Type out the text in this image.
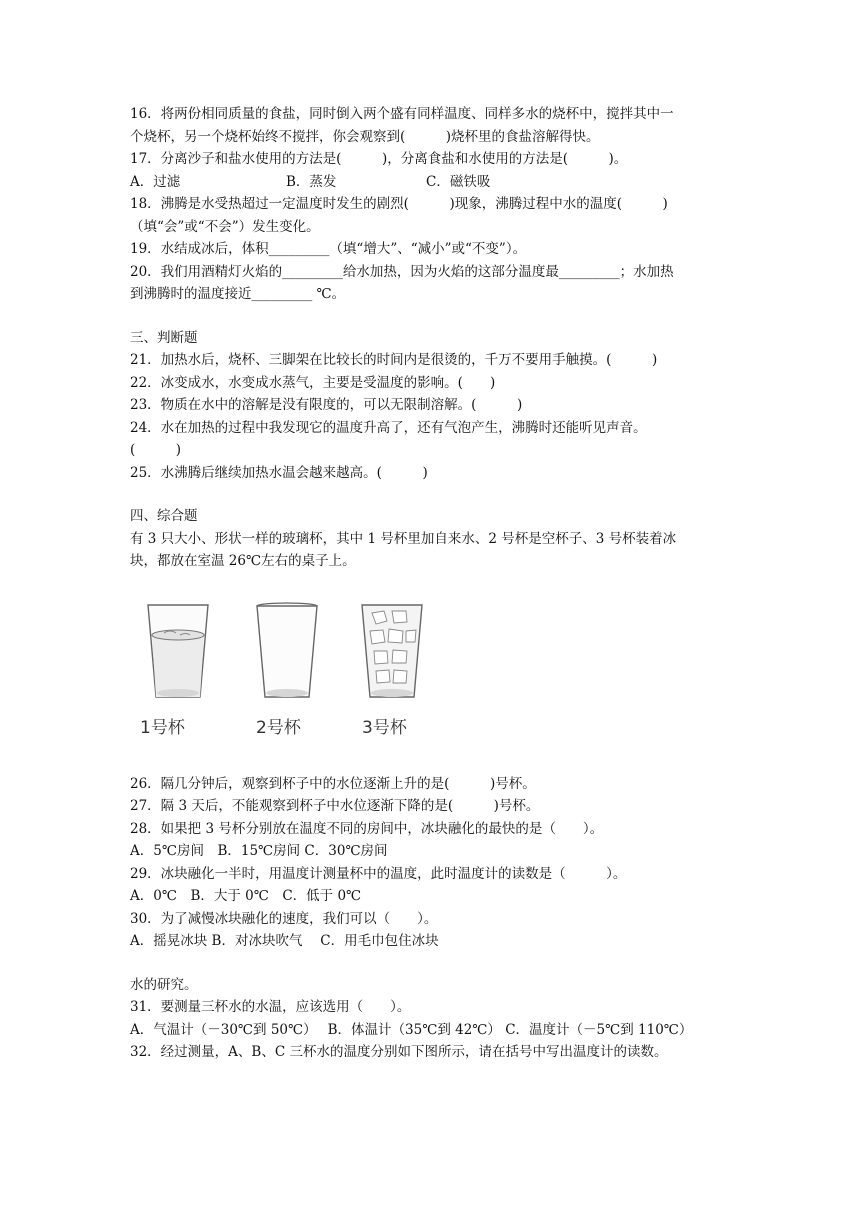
16．将两份相同质量的食盐，同时倒入两个盛有同样温度、同样多水的烧杯中，搅拌其中一
个烧杯，另一个烧杯始终不搅拌，你会观察到(　　　)烧杯里的食盐溶解得快。
17．分离沙子和盐水使用的方法是(　　　)，分离食盐和水使用的方法是(　　　)。
A．过滤	B．蒸发	C．磁铁吸
18．沸腾是水受热超过一定温度时发生的剧烈(　　　)现象，沸腾过程中水的温度(　　　)
（填“会”或“不会”）发生变化。
19．水结成冰后，体积_________（填“增大”、“减小”或“不变”）。
20．我们用酒精灯火焰的_________给水加热，因为火焰的这部分温度最_________；水加热
到沸腾时的温度接近_________ ℃。
三、判断题
21．加热水后，烧杯、三脚架在比较长的时间内是很烫的，千万不要用手触摸。(　　　)
22．冰变成水，水变成水蒸气，主要是受温度的影响。(　　)
23．物质在水中的溶解是没有限度的，可以无限制溶解。(　　　)
24．水在加热的过程中我发现它的温度升高了，还有气泡产生，沸腾时还能听见声音。
(　　　)
25．水沸腾后继续加热水温会越来越高。(　　　)
四、综合题
有 3 只大小、形状一样的玻璃杯，其中 1 号杯里加自来水、2 号杯是空杯子、3 号杯装着冰
块，都放在室温 26℃左右的桌子上。
1号杯	2号杯	3号杯
26．隔几分钟后，观察到杯子中的水位逐渐上升的是(　　　)号杯。
27．隔 3 天后，不能观察到杯子中水位逐渐下降的是(　　　)号杯。
28．如果把 3 号杯分别放在温度不同的房间中，冰块融化的最快的是（　　）。
A．5℃房间　B．15℃房间 C．30℃房间
29．冰块融化一半时，用温度计测量杯中的温度，此时温度计的读数是（　　　）。
A．0℃　B．大于 0℃　C．低于 0℃
30．为了减慢冰块融化的速度，我们可以（　　）。
A．摇晃冰块 B．对冰块吹气　 C．用毛巾包住冰块
水的研究。
31．要测量三杯水的水温，应该选用（　　）。
A．气温计（－30℃到 50℃）　 B．体温计（35℃到 42℃） C．温度计（－5℃到 110℃）
32．经过测量，A、B、C 三杯水的温度分别如下图所示，请在括号中写出温度计的读数。
